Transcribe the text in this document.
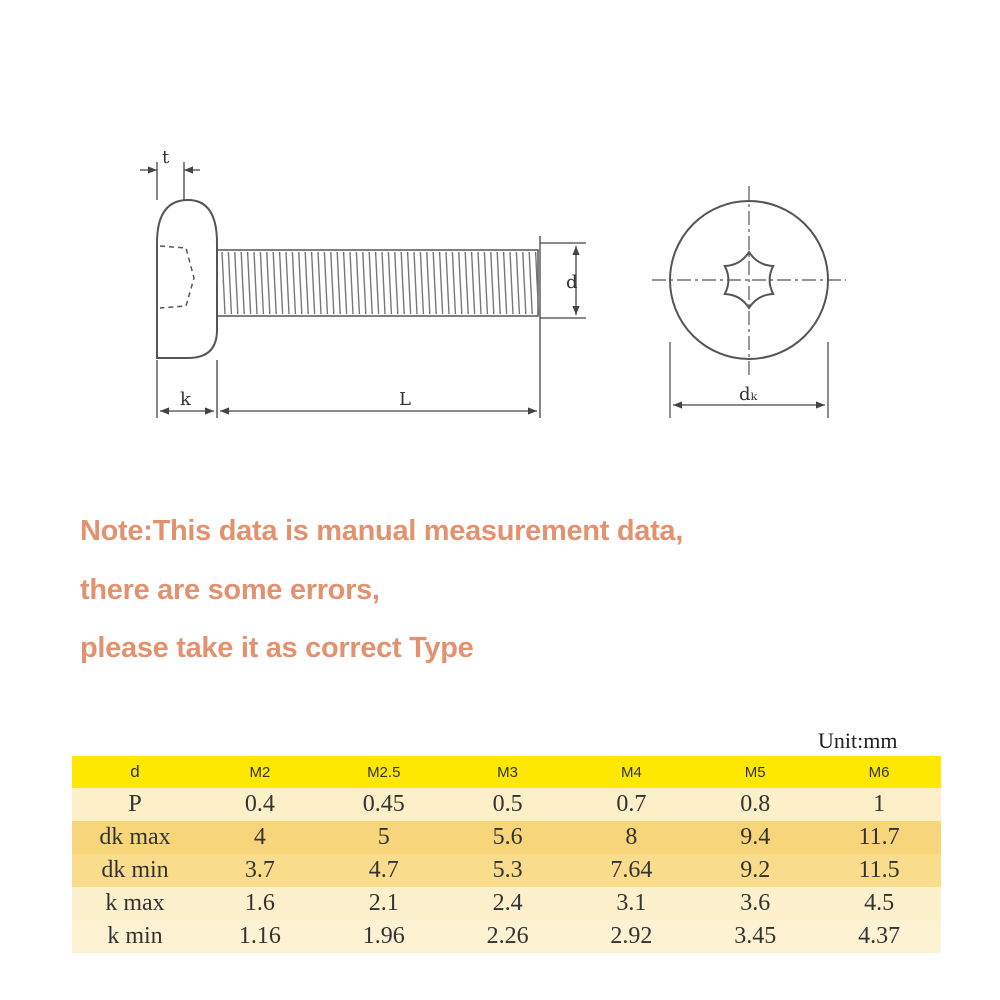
t
d
k	L	dₖ
Note:This data is manual measurement data,
there are some errors,
please take it as correct Type
Unit:mm
d	M2	M2.5	M3	M4	M5	M6
P	0.4	0.45	0.5	0.7	0.8	1
dk max	4	5	5.6	8	9.4	11.7
dk min	3.7	4.7	5.3	7.64	9.2	11.5
k max	1.6	2.1	2.4	3.1	3.6	4.5
k min	1.16	1.96	2.26	2.92	3.45	4.37
